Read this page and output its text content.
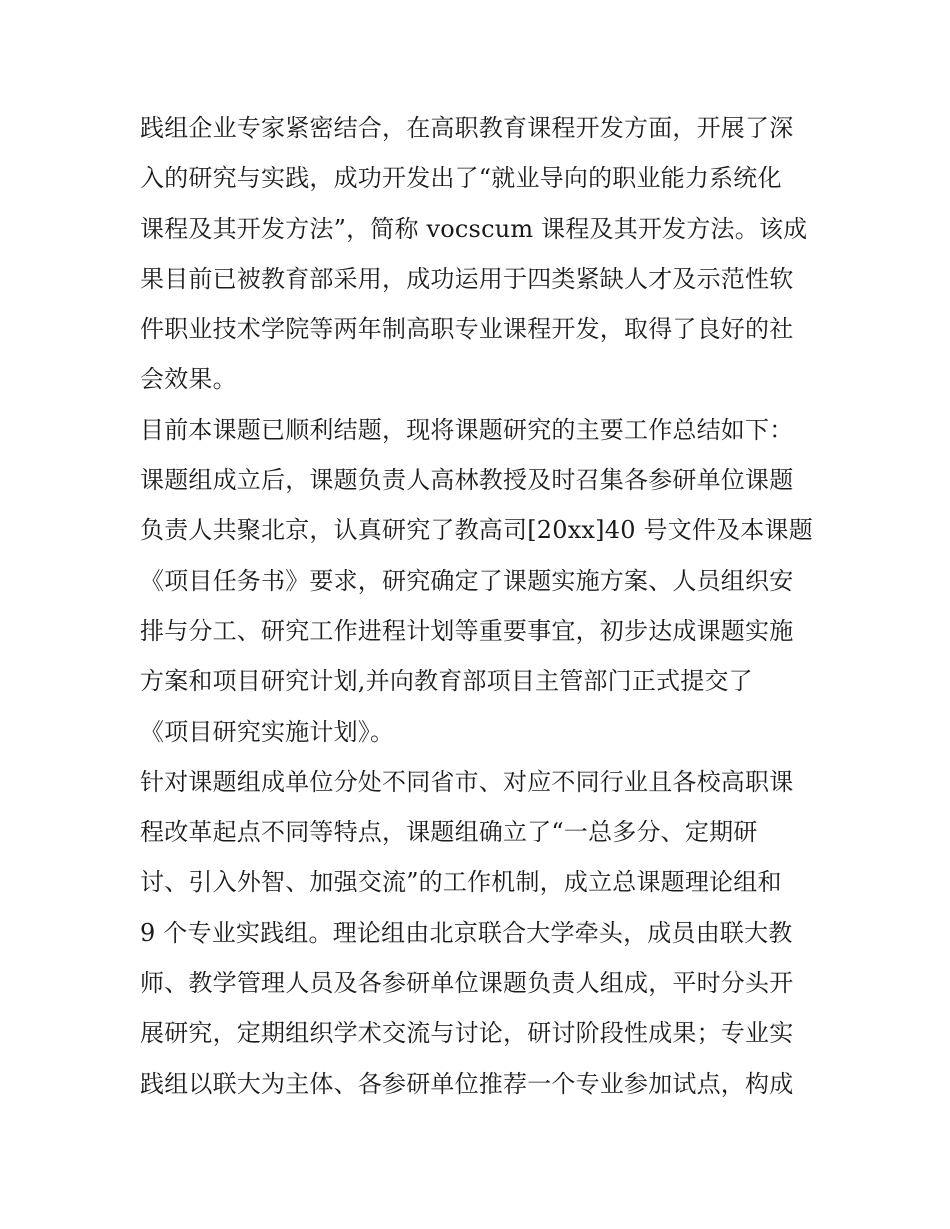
践组企业专家紧密结合，在高职教育课程开发方面，开展了深
入的研究与实践，成功开发出了“就业导向的职业能力系统化
课程及其开发方法”，简称 vocscum 课程及其开发方法。该成
果目前已被教育部采用，成功运用于四类紧缺人才及示范性软
件职业技术学院等两年制高职专业课程开发，取得了良好的社
会效果。
目前本课题已顺利结题，现将课题研究的主要工作总结如下：
课题组成立后，课题负责人高林教授及时召集各参研单位课题
负责人共聚北京，认真研究了教高司[20xx]40 号文件及本课题
《项目任务书》要求，研究确定了课题实施方案、人员组织安
排与分工、研究工作进程计划等重要事宜，初步达成课题实施
方案和项目研究计划,并向教育部项目主管部门正式提交了
《项目研究实施计划》。
针对课题组成单位分处不同省市、对应不同行业且各校高职课
程改革起点不同等特点，课题组确立了“一总多分、定期研
讨、引入外智、加强交流”的工作机制，成立总课题理论组和
9 个专业实践组。理论组由北京联合大学牵头，成员由联大教
师、教学管理人员及各参研单位课题负责人组成，平时分头开
展研究，定期组织学术交流与讨论，研讨阶段性成果；专业实
践组以联大为主体、各参研单位推荐一个专业参加试点，构成
